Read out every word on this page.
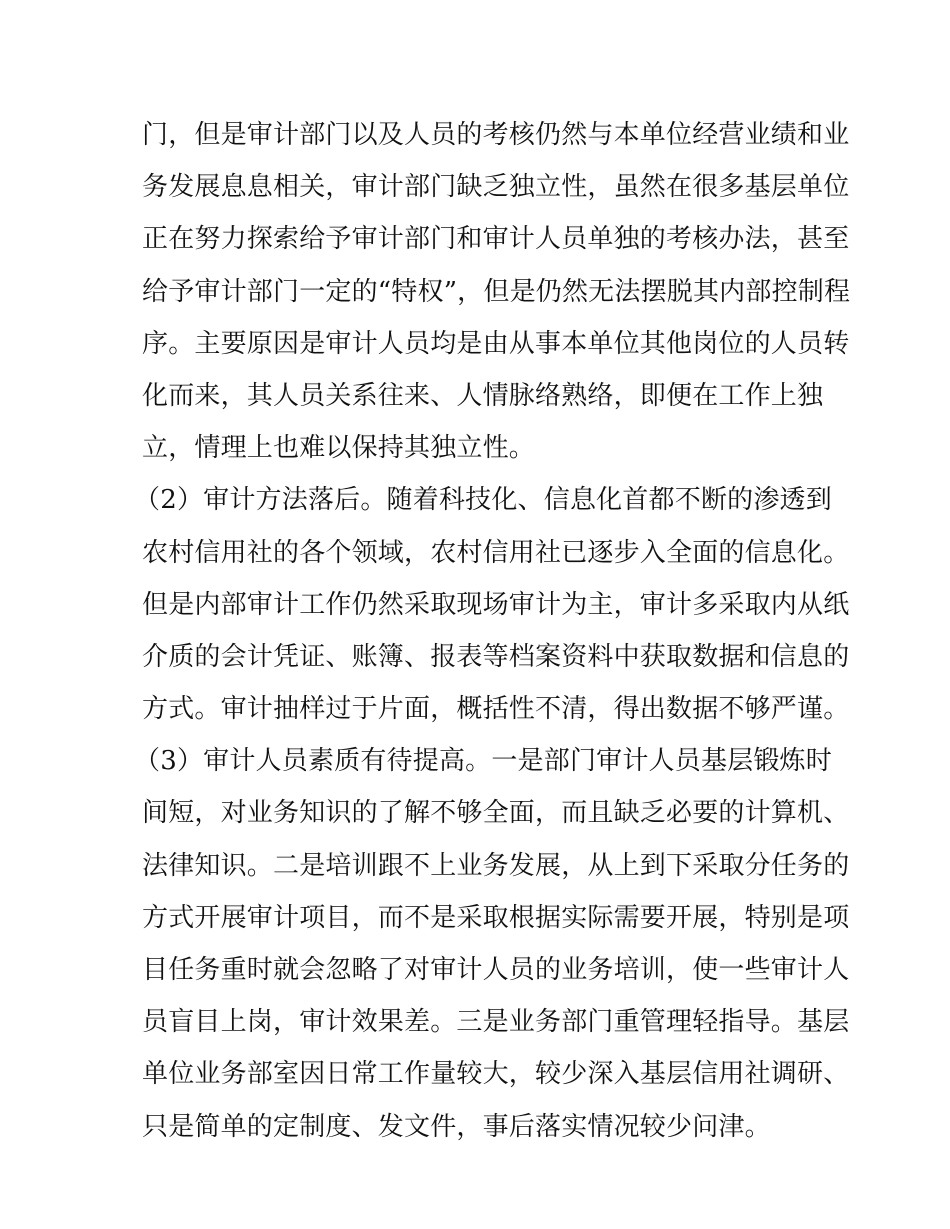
门，但是审计部门以及人员的考核仍然与本单位经营业绩和业
务发展息息相关，审计部门缺乏独立性，虽然在很多基层单位
正在努力探索给予审计部门和审计人员单独的考核办法，甚至
给予审计部门一定的“特权”，但是仍然无法摆脱其内部控制程
序。主要原因是审计人员均是由从事本单位其他岗位的人员转
化而来，其人员关系往来、人情脉络熟络，即便在工作上独
立，情理上也难以保持其独立性。
（2）审计方法落后。随着科技化、信息化首都不断的渗透到
农村信用社的各个领域，农村信用社已逐步入全面的信息化。
但是内部审计工作仍然采取现场审计为主，审计多采取内从纸
介质的会计凭证、账簿、报表等档案资料中获取数据和信息的
方式。审计抽样过于片面，概括性不清，得出数据不够严谨。
（3）审计人员素质有待提高。一是部门审计人员基层锻炼时
间短，对业务知识的了解不够全面，而且缺乏必要的计算机、
法律知识。二是培训跟不上业务发展，从上到下采取分任务的
方式开展审计项目，而不是采取根据实际需要开展，特别是项
目任务重时就会忽略了对审计人员的业务培训，使一些审计人
员盲目上岗，审计效果差。三是业务部门重管理轻指导。基层
单位业务部室因日常工作量较大，较少深入基层信用社调研、
只是简单的定制度、发文件，事后落实情况较少问津。
